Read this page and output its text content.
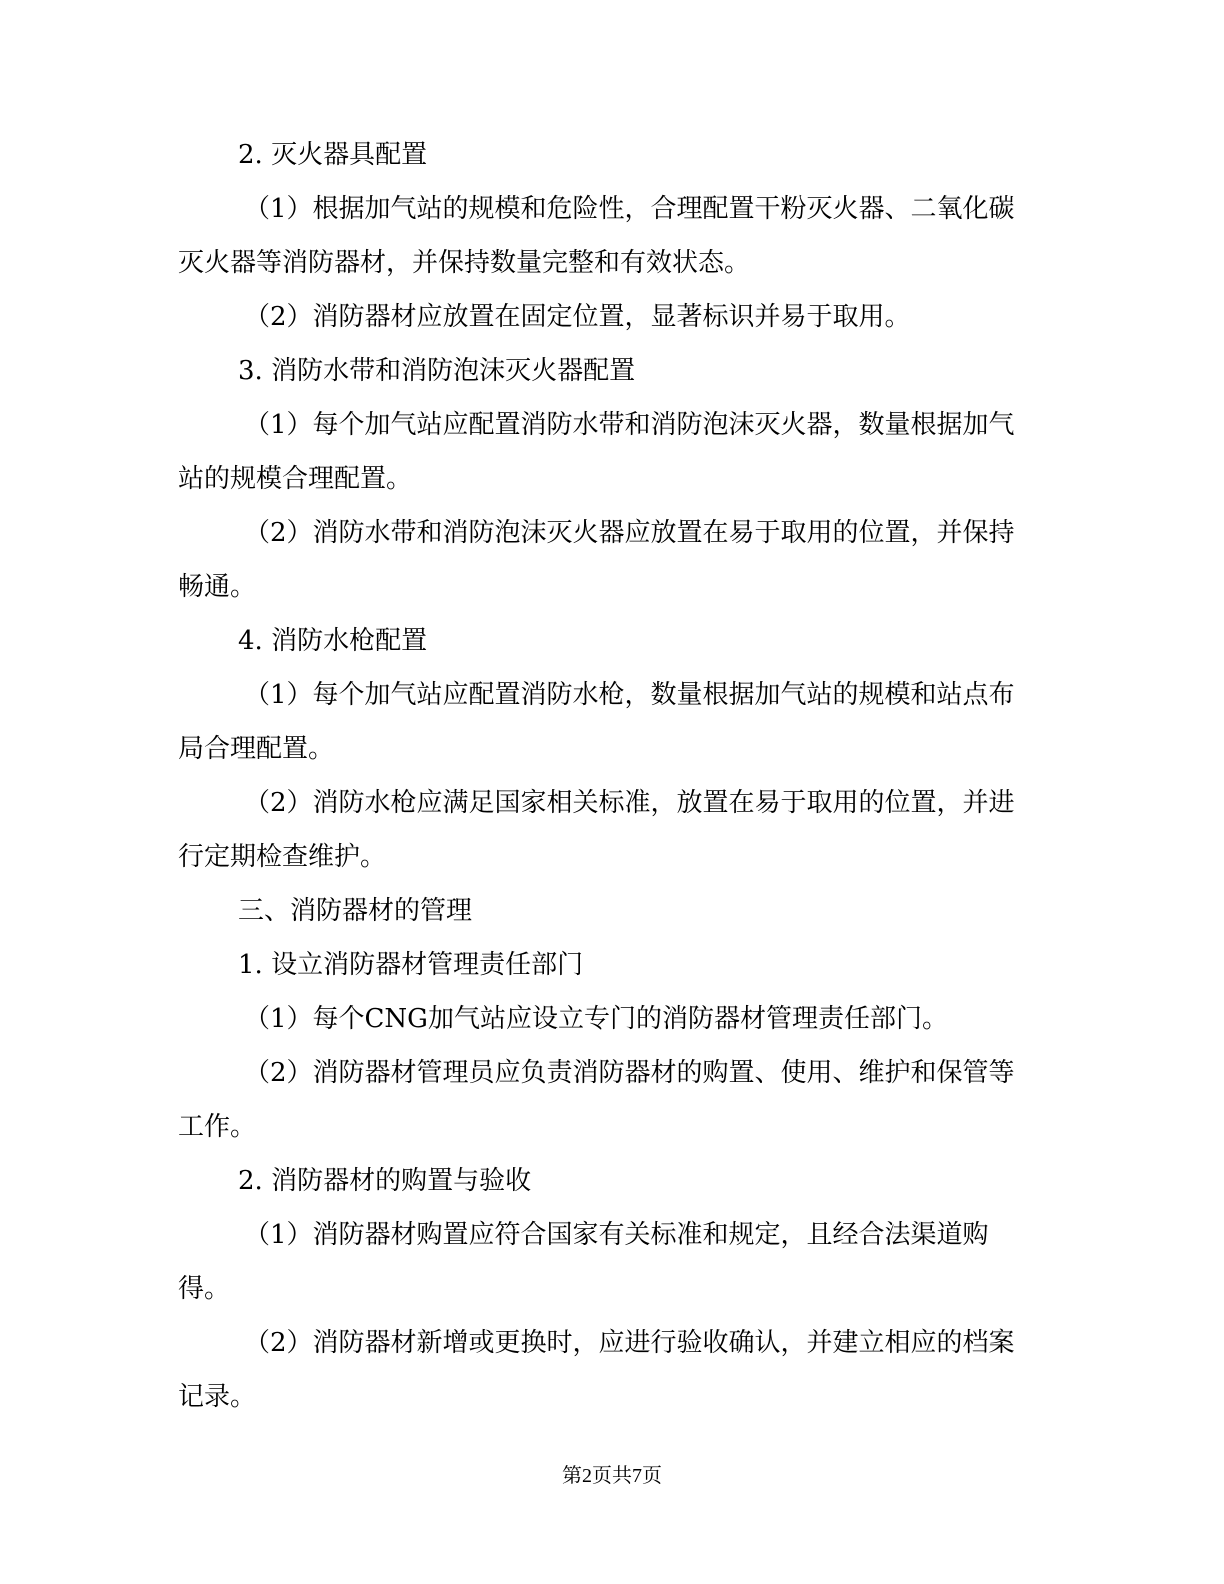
2. 灭火器具配置

（1）根据加气站的规模和危险性，合理配置干粉灭火器、二氧化碳灭火器等消防器材，并保持数量完整和有效状态。

（2）消防器材应放置在固定位置，显著标识并易于取用。

3. 消防水带和消防泡沫灭火器配置

（1）每个加气站应配置消防水带和消防泡沫灭火器，数量根据加气站的规模合理配置。

（2）消防水带和消防泡沫灭火器应放置在易于取用的位置，并保持畅通。

4. 消防水枪配置

（1）每个加气站应配置消防水枪，数量根据加气站的规模和站点布局合理配置。

（2）消防水枪应满足国家相关标准，放置在易于取用的位置，并进行定期检查维护。

三、消防器材的管理

1. 设立消防器材管理责任部门

（1）每个CNG加气站应设立专门的消防器材管理责任部门。

（2）消防器材管理员应负责消防器材的购置、使用、维护和保管等工作。

2. 消防器材的购置与验收

（1）消防器材购置应符合国家有关标准和规定，且经合法渠道购得。

（2）消防器材新增或更换时，应进行验收确认，并建立相应的档案记录。

第2页共7页
